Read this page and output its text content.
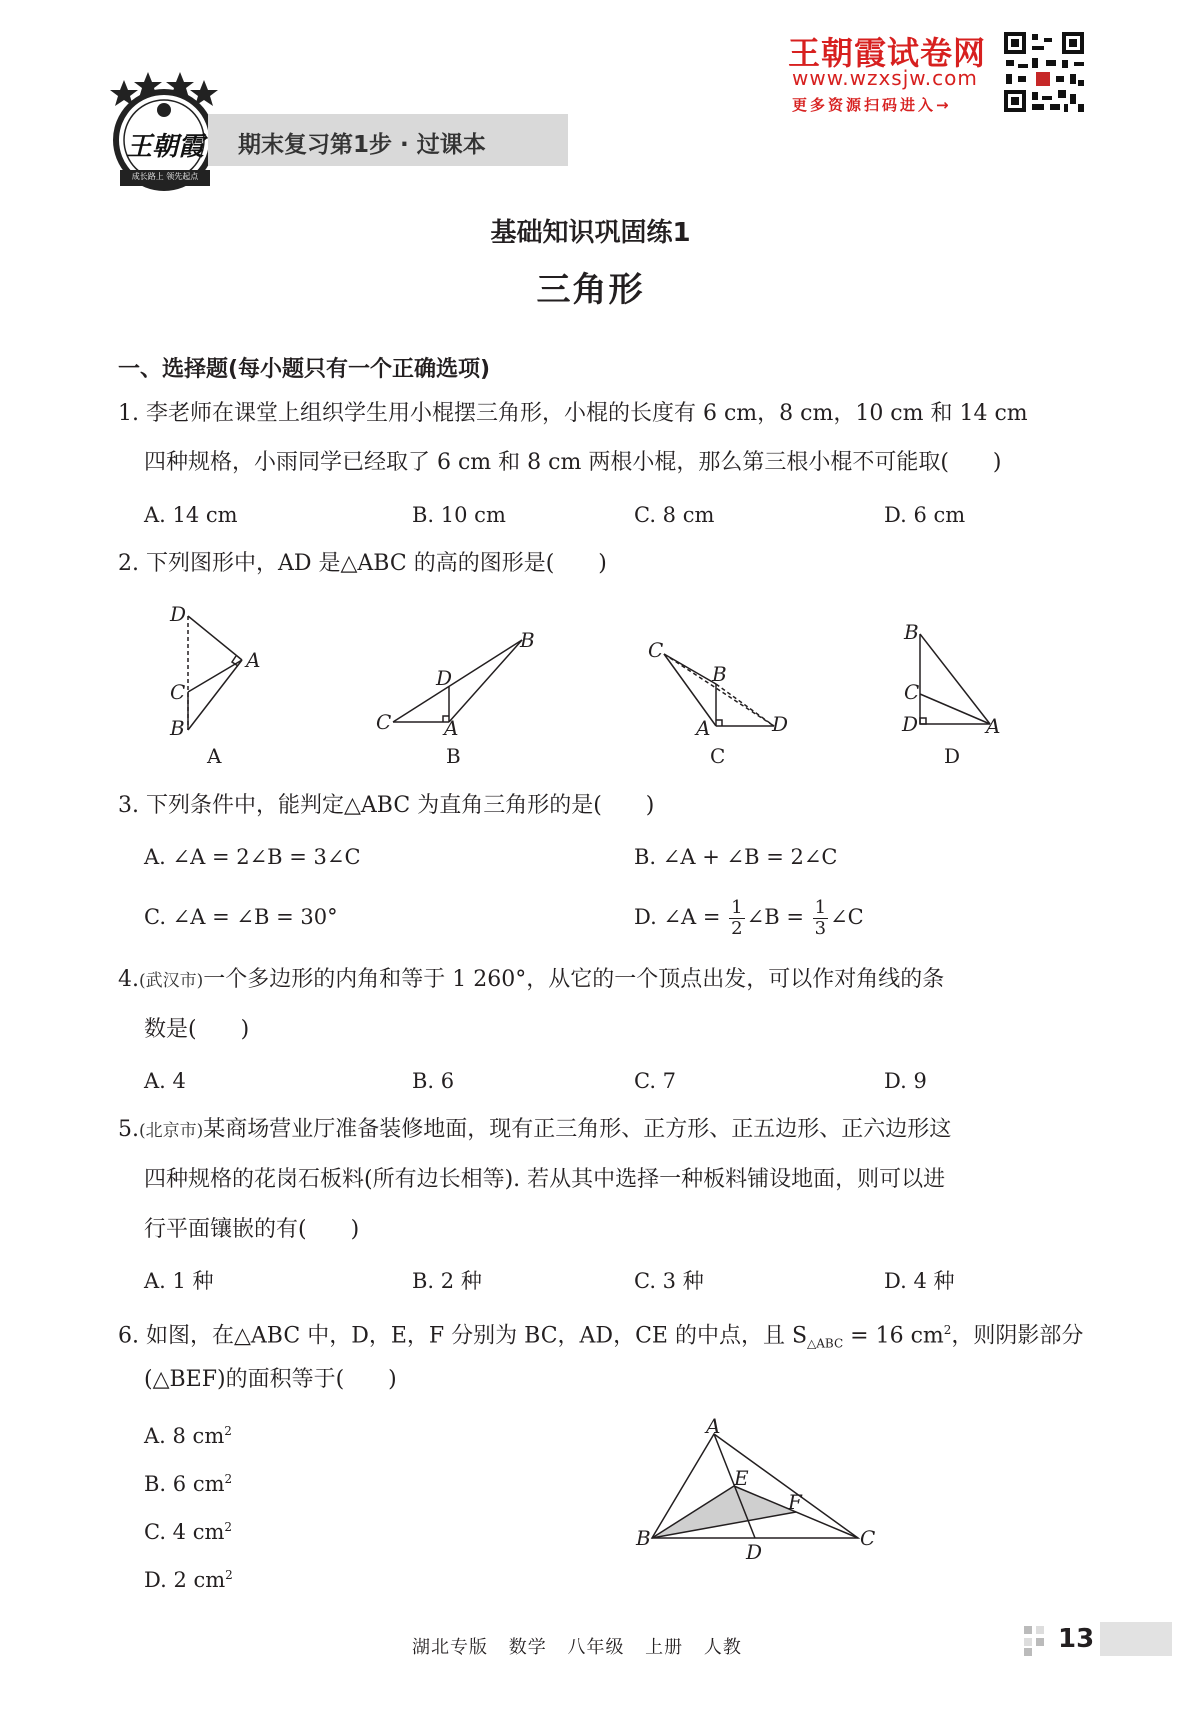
王朝霞
成长路上 领先起点
期末复习第1步 · 过课本
王朝霞试卷网
www.wzxsjw.com
更多资源扫码进入→
基础知识巩固练1
三角形
一、选择题(每小题只有一个正确选项)
1. 李老师在课堂上组织学生用小棍摆三角形，小棍的长度有 6 cm，8 cm，10 cm 和 14 cm
四种规格，小雨同学已经取了 6 cm 和 8 cm 两根小棍，那么第三根小棍不可能取(　　)
A. 14 cm	B. 10 cm	C. 8 cm	D. 6 cm
2. 下列图形中，AD 是△ABC 的高的图形是(　　)
D
A
C
B
B
D
C	A
C
B
A	D
B
C
D	A
A	B	C	D
3. 下列条件中，能判定△ABC 为直角三角形的是(　　)
A. ∠A = 2∠B = 3∠C	B. ∠A + ∠B = 2∠C
C. ∠A = ∠B = 30°	D. ∠A = $\frac{1}{2}$ ∠B = $\frac{1}{3}$ ∠C
4.(武汉市)一个多边形的内角和等于 1 260°，从它的一个顶点出发，可以作对角线的条
数是(　　)
A. 4	B. 6	C. 7	D. 9
5.(北京市)某商场营业厅准备装修地面，现有正三角形、正方形、正五边形、正六边形这
四种规格的花岗石板料(所有边长相等). 若从其中选择一种板料铺设地面，则可以进
行平面镶嵌的有(　　)
A. 1 种	B. 2 种	C. 3 种	D. 4 种
6. 如图，在△ABC 中，D，E，F 分别为 BC，AD，CE 的中点，且 $S_{\triangle ABC} = 16$ $cm^2$，则阴影部分
(△BEF)的面积等于(　　)
A. 8 $cm^2$
B. 6 $cm^2$
C. 4 $cm^2$
D. 2 $cm^2$
A
E
F
B
D
C
湖北专版 数学 八年级 上册 人教	13
